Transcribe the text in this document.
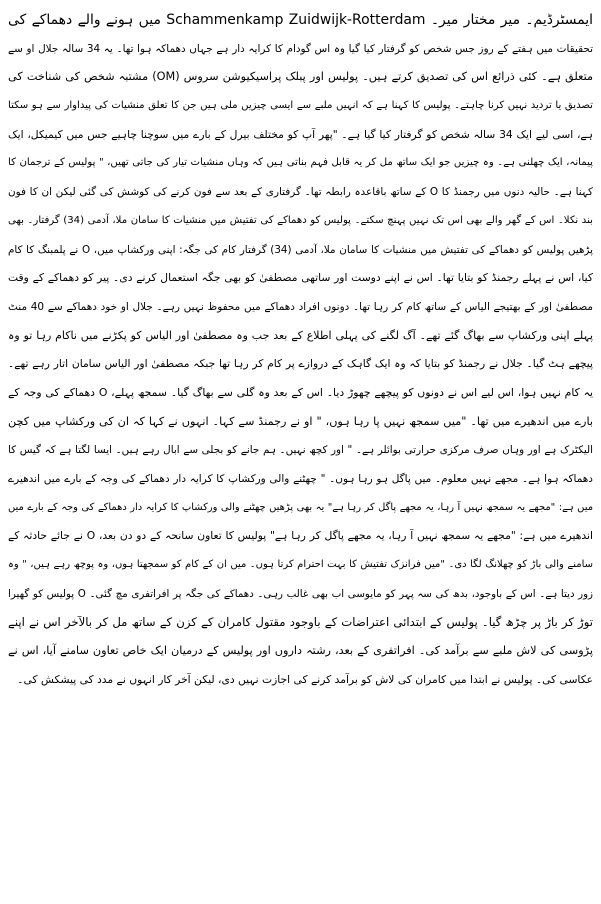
ایمسٹرڈیم۔ میر مختار میر۔ Schammenkamp Zuidwijk-Rotterdam میں ہونے والے دھماکے کی
تحقیقات میں ہفتے کے روز جس شخص کو گرفتار کیا گیا وہ اس گودام کا کرایہ دار ہے جہاں دھماکہ ہوا تھا۔ یہ 34 سالہ جلال او سے
متعلق ہے۔ کئی ذرائع اس کی تصدیق کرتے ہیں۔ پولیس اور پبلک پراسیکیوشن سروس (OM) مشتبہ شخص کی شناخت کی
تصدیق یا تردید نہیں کرنا چاہتے۔ پولیس کا کہنا ہے کہ انہیں ملبے سے ایسی چیزیں ملی ہیں جن کا تعلق منشیات کی پیداوار سے ہو سکتا
ہے، اسی لیے ایک 34 سالہ شخص کو گرفتار کیا گیا ہے۔ "پھر آپ کو مختلف بیرل کے بارے میں سوچنا چاہیے جس میں کیمیکل، ایک
پیمانہ، ایک چھلنی ہے۔ وہ چیزیں جو ایک ساتھ مل کر یہ قابل فہم بناتی ہیں کہ وہاں منشیات تیار کی جاتی تھیں، " پولیس کے ترجمان کا
کہنا ہے۔ حالیہ دنوں میں رجمنڈ کا O کے ساتھ باقاعدہ رابطہ تھا۔ گرفتاری کے بعد سے فون کرنے کی کوشش کی گئی لیکن ان کا فون
بند نکلا۔ اس کے گھر والے بھی اس تک نہیں پہنچ سکتے۔ پولیس کو دھماکے کی تفتیش میں منشیات کا سامان ملا، آدمی (34) گرفتار۔ بھی
پڑھیں پولیس کو دھماکے کی تفتیش میں منشیات کا سامان ملا، آدمی (34) گرفتار کام کی جگہ: اپنی ورکشاپ میں، O نے پلمبنگ کا کام
کیا، اس نے پہلے رجمنڈ کو بتایا تھا۔ اس نے اپنے دوست اور ساتھی مصطفیٰ کو بھی جگہ استعمال کرنے دی۔ پیر کو دھماکے کے وقت
مصطفیٰ اور کے بھتیجے الیاس کے ساتھ کام کر رہا تھا۔ دونوں افراد دھماکے میں محفوظ نہیں رہے۔ جلال او خود دھماکے سے 40 منٹ
پہلے اپنی ورکشاپ سے بھاگ گئے تھے۔ آگ لگنے کی پہلی اطلاع کے بعد جب وہ مصطفیٰ اور الیاس کو پکڑنے میں ناکام رہا تو وہ
پیچھے ہٹ گیا۔ جلال نے رجمنڈ کو بتایا کہ وہ ایک گاہک کے دروازے پر کام کر رہا تھا جبکہ مصطفیٰ اور الیاس سامان اتار رہے تھے۔
یہ کام نہیں ہوا، اس لیے اس نے دونوں کو پیچھے چھوڑ دیا۔ اس کے بعد وہ گلی سے بھاگ گیا۔ سمجھ پہلے، O دھماکے کی وجہ کے
بارے میں اندھیرے میں تھا۔ "میں سمجھ نہیں پا رہا ہوں، " او نے رجمنڈ سے کہا۔ انہوں نے کہا کہ ان کی ورکشاپ میں کچن
الیکٹرک ہے اور وہاں صرف مرکزی حرارتی بوائلر ہے۔ " اور کچھ نہیں۔ ہم جانے کو بجلی سے ابال رہے ہیں۔ ایسا لگتا ہے کہ گیس کا
دھماکہ ہوا ہے۔ مجھے نہیں معلوم۔ میں پاگل ہو رہا ہوں۔ " چھٹنے والی ورکشاپ کا کرایہ دار دھماکے کی وجہ کے بارے میں اندھیرے
میں ہے: "مجھے یہ سمجھ نہیں آ رہا، یہ مجھے پاگل کر رہا ہے" یہ بھی پڑھیں چھٹنے والی ورکشاپ کا کرایہ دار دھماکے کی وجہ کے بارے میں
اندھیرے میں ہے: "مجھے یہ سمجھ نہیں آ رہا، یہ مجھے پاگل کر رہا ہے" پولیس کا تعاون سانحہ کے دو دن بعد، O نے جائے حادثہ کے
سامنے والی باڑ کو چھلانگ لگا دی۔ "میں فرانزک تفتیش کا بہت احترام کرتا ہوں۔ میں ان کے کام کو سمجھتا ہوں، وہ پوچھ رہے ہیں، " وہ
زور دیتا ہے۔ اس کے باوجود، بدھ کی سہ پہر کو مایوسی اب بھی غالب رہی۔ دھماکے کی جگہ پر افراتفری مچ گئی۔ O پولیس کو گھیرا
توڑ کر باڑ پر چڑھ گیا۔ پولیس کے ابتدائی اعتراضات کے باوجود مقتول کامران کے کزن کے ساتھ مل کر بالآخر اس نے اپنے
پڑوسی کی لاش ملبے سے برآمد کی۔ افراتفری کے بعد، رشتہ داروں اور پولیس کے درمیان ایک خاص تعاون سامنے آیا، اس نے
عکاسی کی۔ پولیس نے ابتدا میں کامران کی لاش کو برآمد کرنے کی اجازت نہیں دی، لیکن آخر کار انہوں نے مدد کی پیشکش کی۔
